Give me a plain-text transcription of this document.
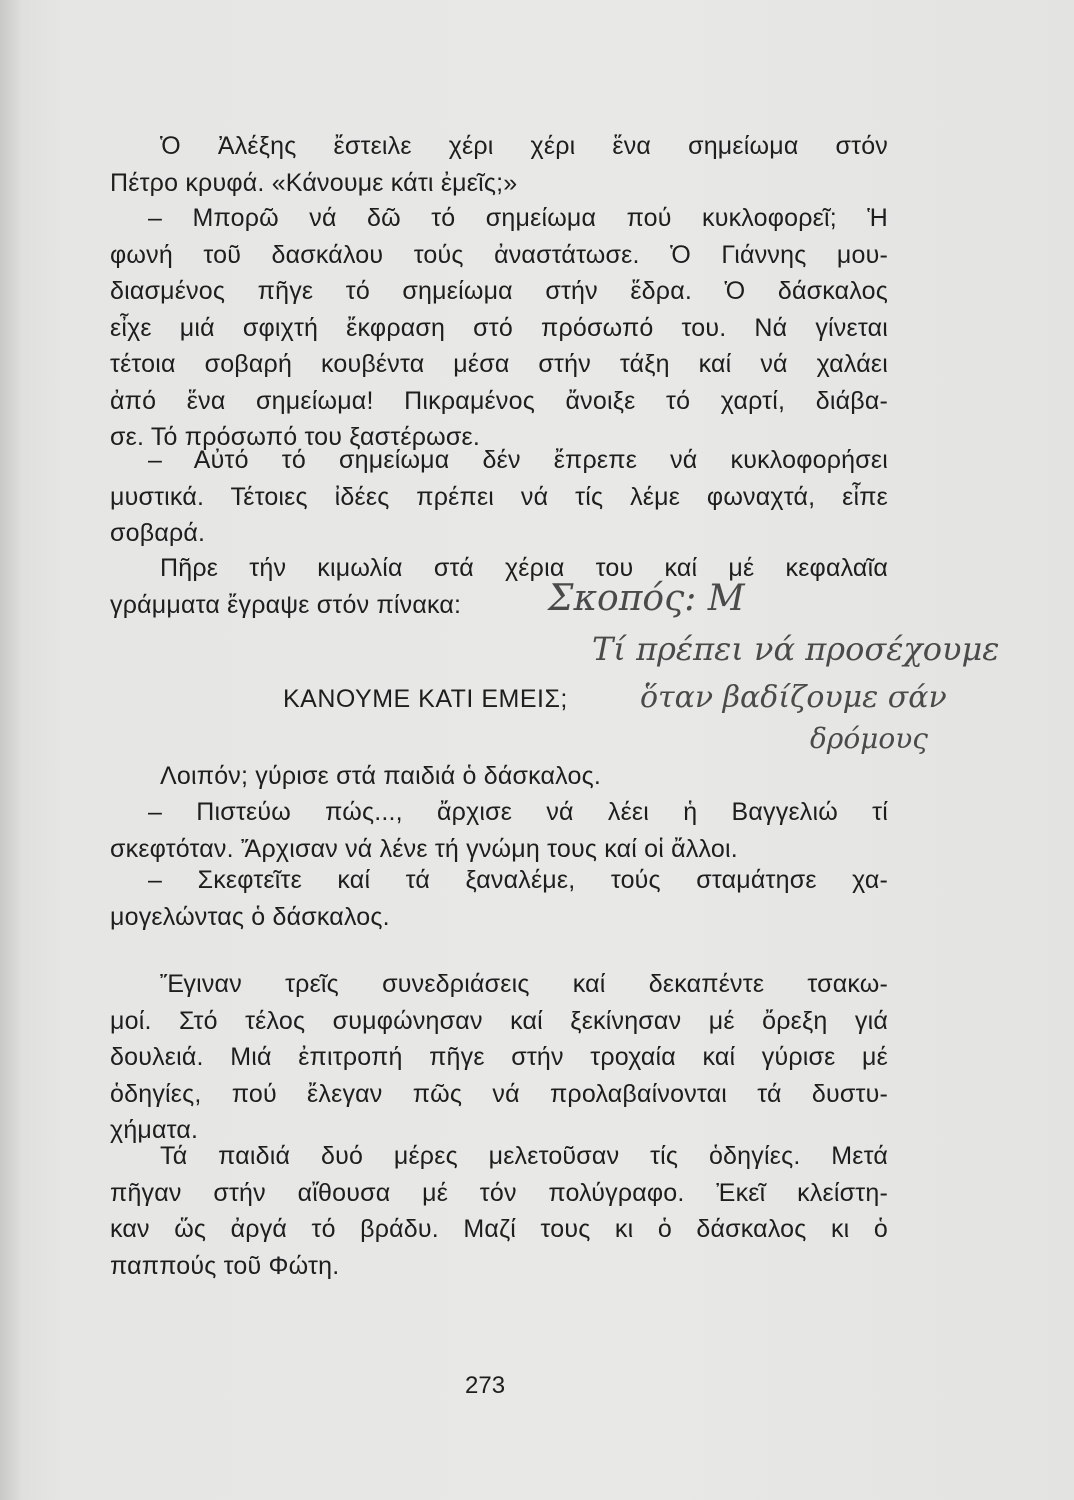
Ὁ Ἀλέξης ἔστειλε χέρι χέρι ἕνα σημείωμα στόν
Πέτρο κρυφά. «Κάνουμε κάτι ἐμεῖς;»
– Μπορῶ νά δῶ τό σημείωμα πού κυκλοφορεῖ; Ἡ
φωνή τοῦ δασκάλου τούς ἀναστάτωσε. Ὁ Γιάννης μου-
διασμένος πῆγε τό σημείωμα στήν ἕδρα. Ὁ δάσκαλος
εἶχε μιά σφιχτή ἔκφραση στό πρόσωπό του. Νά γίνεται
τέτοια σοβαρή κουβέντα μέσα στήν τάξη καί νά χαλάει
ἀπό ἕνα σημείωμα! Πικραμένος ἄνοιξε τό χαρτί, διάβα-
σε. Τό πρόσωπό του ξαστέρωσε.
– Αὐτό τό σημείωμα δέν ἔπρεπε νά κυκλοφορήσει
μυστικά. Τέτοιες ἰδέες πρέπει νά τίς λέμε φωναχτά, εἶπε
σοβαρά.
Πῆρε τήν κιμωλία στά χέρια του καί μέ κεφαλαῖα
γράμματα ἔγραψε στόν πίνακα:
ΚΑΝΟΥΜΕ ΚΑΤΙ ΕΜΕΙΣ;
Λοιπόν; γύρισε στά παιδιά ὁ δάσκαλος.
– Πιστεύω πώς..., ἄρχισε νά λέει ἡ Βαγγελιώ τί
σκεφτόταν. Ἄρχισαν νά λένε τή γνώμη τους καί οἱ ἄλλοι.
– Σκεφτεῖτε καί τά ξαναλέμε, τούς σταμάτησε χα-
μογελώντας ὁ δάσκαλος.
Ἔγιναν τρεῖς συνεδριάσεις καί δεκαπέντε τσακω-
μοί. Στό τέλος συμφώνησαν καί ξεκίνησαν μέ ὄρεξη γιά
δουλειά. Μιά ἐπιτροπή πῆγε στήν τροχαία καί γύρισε μέ
ὁδηγίες, πού ἔλεγαν πῶς νά προλαβαίνονται τά δυστυ-
χήματα.
Τά παιδιά δυό μέρες μελετοῦσαν τίς ὁδηγίες. Μετά
πῆγαν στήν αἴθουσα μέ τόν πολύγραφο. Ἐκεῖ κλείστη-
καν ὥς ἀργά τό βράδυ. Μαζί τους κι ὁ δάσκαλος κι ὁ
παππούς τοῦ Φώτη.
Σκοπός: Μ
Τί πρέπει νά προσέχουμε
ὅταν βαδίζουμε σάν
δρόμους
273
